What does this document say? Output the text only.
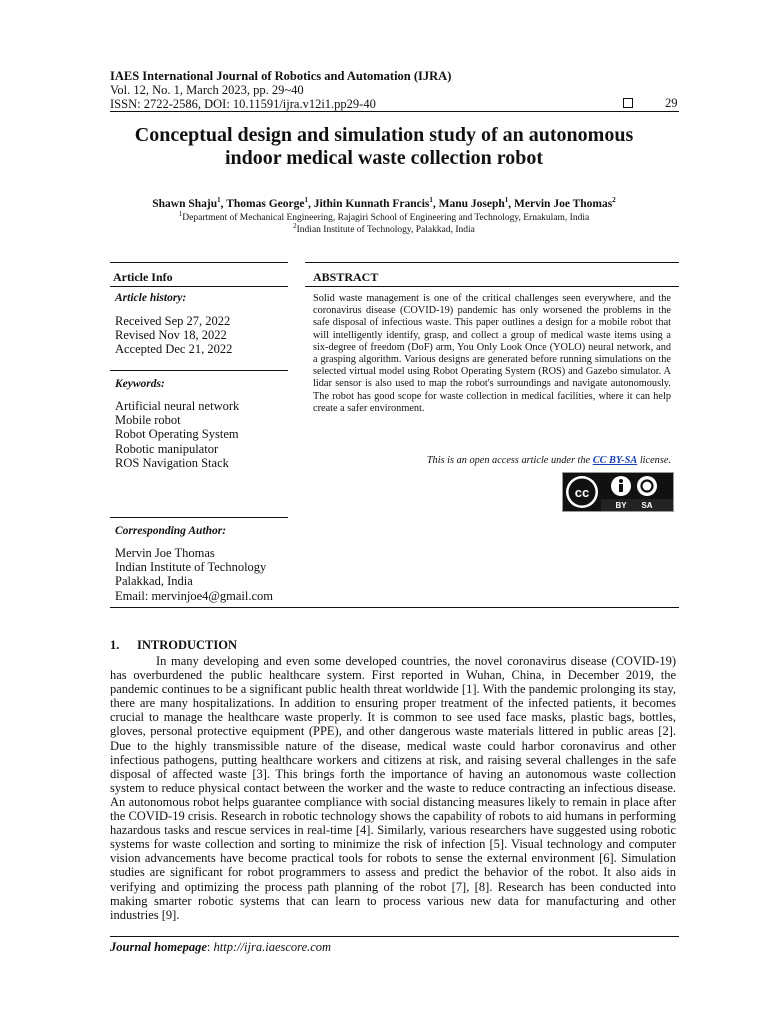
IAES International Journal of Robotics and Automation (IJRA)
Vol. 12, No. 1, March 2023, pp. 29~40
ISSN: 2722-2586, DOI: 10.11591/ijra.v12i1.pp29-40	29
Conceptual design and simulation study of an autonomous
indoor medical waste collection robot
Shawn Shaju$^1$, Thomas George$^1$, Jithin Kunnath Francis$^1$, Manu Joseph$^1$, Mervin Joe Thomas$^2$
$^1$Department of Mechanical Engineering, Rajagiri School of Engineering and Technology, Ernakulam, India
$^2$Indian Institute of Technology, Palakkad, India
Article Info	ABSTRACT
Article history:
Received Sep 27, 2022
Revised Nov 18, 2022
Accepted Dec 21, 2022
Keywords:
Artificial neural network
Mobile robot
Robot Operating System
Robotic manipulator
ROS Navigation Stack
Corresponding Author:
Mervin Joe Thomas
Indian Institute of Technology
Palakkad, India
Email: mervinjoe4@gmail.com
Solid waste management is one of the critical challenges seen everywhere, and the coronavirus disease (COVID-19) pandemic has only worsened the problems in the safe disposal of infectious waste. This paper outlines a design for a mobile robot that will intelligently identify, grasp, and collect a group of medical waste items using a six-degree of freedom (DoF) arm, You Only Look Once (YOLO) neural network, and a grasping algorithm. Various designs are generated before running simulations on the selected virtual model using Robot Operating System (ROS) and Gazebo simulator. A lidar sensor is also used to map the robot's surroundings and navigate autonomously. The robot has good scope for waste collection in medical facilities, where it can help create a safer environment.
This is an open access article under the CC BY-SA license.
cc
BY SA
1. INTRODUCTION
In many developing and even some developed countries, the novel coronavirus disease (COVID-19) has overburdened the public healthcare system. First reported in Wuhan, China, in December 2019, the pandemic continues to be a significant public health threat worldwide [1]. With the pandemic prolonging its stay, there are many hospitalizations. In addition to ensuring proper treatment of the infected patients, it becomes crucial to manage the healthcare waste properly. It is common to see used face masks, plastic bags, bottles, gloves, personal protective equipment (PPE), and other dangerous waste materials littered in public areas [2]. Due to the highly transmissible nature of the disease, medical waste could harbor coronavirus and other infectious pathogens, putting healthcare workers and citizens at risk, and raising several challenges in the safe disposal of affected waste [3]. This brings forth the importance of having an autonomous waste collection system to reduce physical contact between the worker and the waste to reduce contracting an infectious disease. An autonomous robot helps guarantee compliance with social distancing measures likely to remain in place after the COVID-19 crisis. Research in robotic technology shows the capability of robots to aid humans in performing hazardous tasks and rescue services in real-time [4]. Similarly, various researchers have suggested using robotic systems for waste collection and sorting to minimize the risk of infection [5]. Visual technology and computer vision advancements have become practical tools for robots to sense the external environment [6]. Simulation studies are significant for robot programmers to assess and predict the behavior of the robot. It also aids in verifying and optimizing the process path planning of the robot [7], [8]. Research has been conducted into making smarter robotic systems that can learn to process various new data for manufacturing and other industries [9].
Journal homepage: http://ijra.iaescore.com
